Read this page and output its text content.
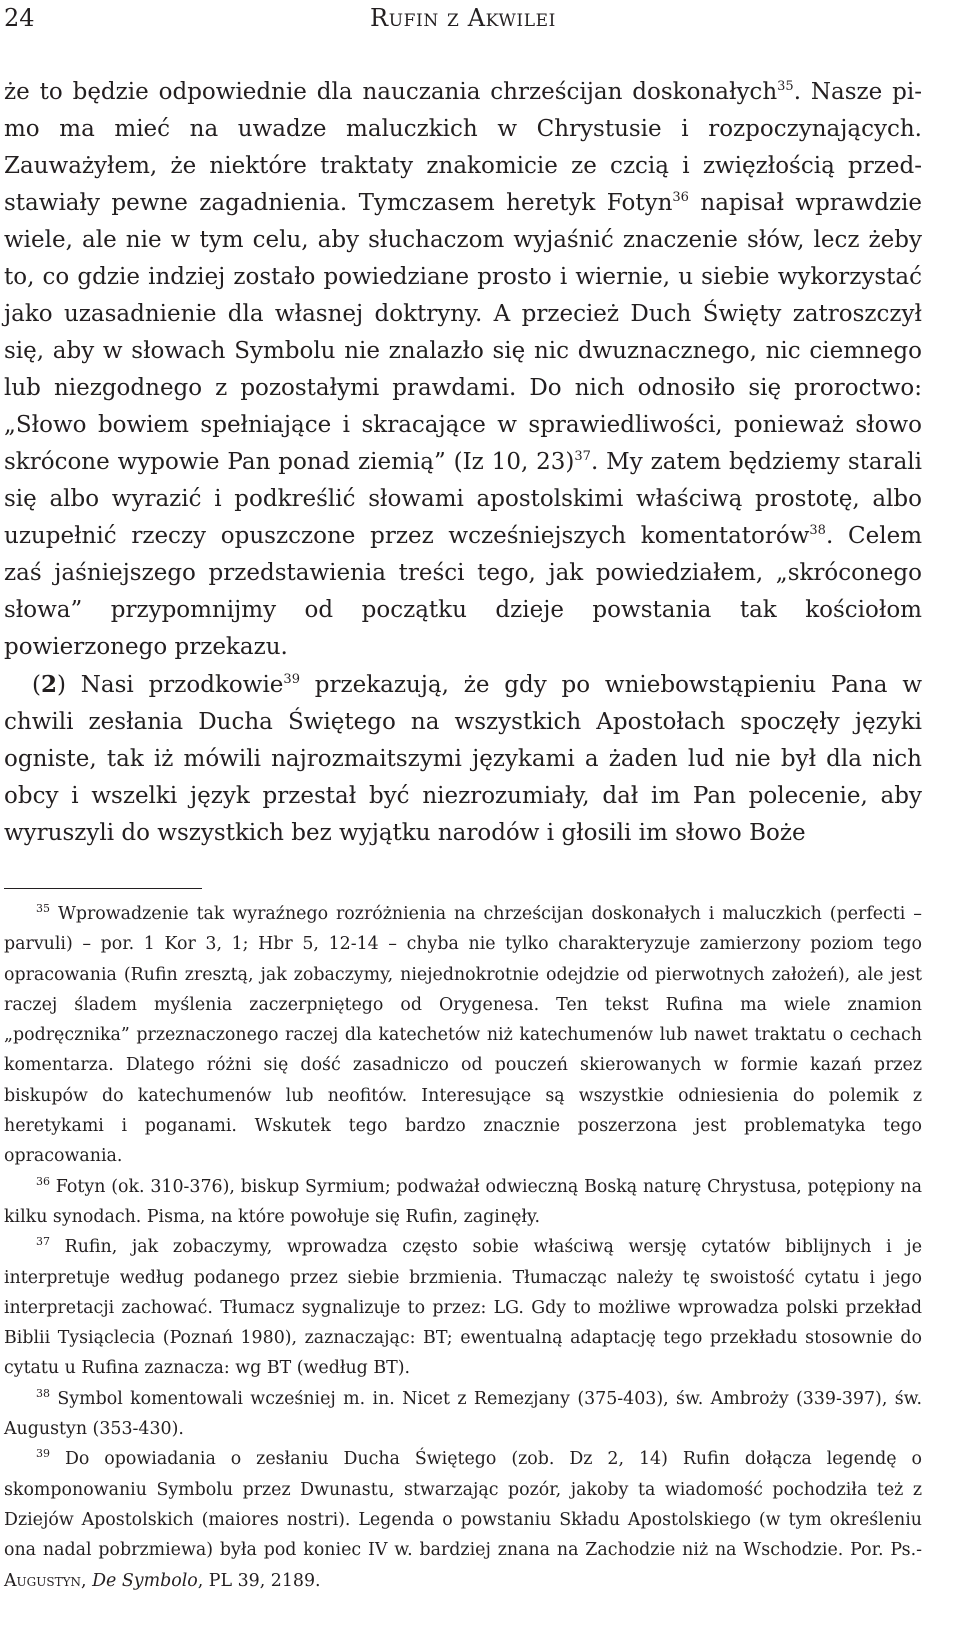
24	Rufin z Akwilei

że to będzie odpowiednie dla nauczania chrześcijan doskonałych$^{35}$. Nasze pimo ma mieć na uwadze maluczkich w Chrystusie i rozpoczynających. Zauważyłem, że niektóre traktaty znakomicie ze czcią i zwięzłością przedstawiały pewne zagadnienia. Tymczasem heretyk Fotyn$^{36}$ napisał wprawdzie wiele, ale nie w tym celu, aby słuchaczom wyjaśnić znaczenie słów, lecz żeby to, co gdzie indziej zostało powiedziane prosto i wiernie, u siebie wykorzystać jako uzasadnienie dla własnej doktryny. A przecież Duch Święty zatroszczył się, aby w słowach Symbolu nie znalazło się nic dwuznacznego, nic ciemnego lub niezgodnego z pozostałymi prawdami. Do nich odnosiło się proroctwo: „Słowo bowiem spełniające i skracające w sprawiedliwości, ponieważ słowo skrócone wypowie Pan ponad ziemią” (Iz 10, 23)$^{37}$. My zatem będziemy starali się albo wyrazić i podkreślić słowami apostolskimi właściwą prostotę, albo uzupełnić rzeczy opuszczone przez wcześniejszych komentatorów$^{38}$. Celem zaś jaśniejszego przedstawienia treści tego, jak powiedziałem, „skróconego słowa” przypomnijmy od początku dzieje powstania tak kościołom powierzonego przekazu.

(2) Nasi przodkowie$^{39}$ przekazują, że gdy po wniebowstąpieniu Pana w chwili zesłania Ducha Świętego na wszystkich Apostołach spoczęły języki ogniste, tak iż mówili najrozmaitszymi językami a żaden lud nie był dla nich obcy i wszelki język przestał być niezrozumiały, dał im Pan polecenie, aby wyruszyli do wszystkich bez wyjątku narodów i głosili im słowo Boże

$^{35}$ Wprowadzenie tak wyraźnego rozróżnienia na chrześcijan doskonałych i maluczkich (perfecti – parvuli) – por. 1 Kor 3, 1; Hbr 5, 12-14 – chyba nie tylko charakteryzuje zamierzony poziom tego opracowania (Rufin zresztą, jak zobaczymy, niejednokrotnie odejdzie od pierwotnych założeń), ale jest raczej śladem myślenia zaczerpniętego od Orygenesa. Ten tekst Rufina ma wiele znamion „podręcznika” przeznaczonego raczej dla katechetów niż katechumenów lub nawet traktatu o cechach komentarza. Dlatego różni się dość zasadniczo od pouczeń skierowanych w formie kazań przez biskupów do katechumenów lub neofitów. Interesujące są wszystkie odniesienia do polemik z heretykami i poganami. Wskutek tego bardzo znacznie poszerzona jest problematyka tego opracowania.

$^{36}$ Fotyn (ok. 310-376), biskup Syrmium; podważał odwieczną Boską naturę Chrystusa, potępiony na kilku synodach. Pisma, na które powołuje się Rufin, zaginęły.

$^{37}$ Rufin, jak zobaczymy, wprowadza często sobie właściwą wersję cytatów biblijnych i je interpretuje według podanego przez siebie brzmienia. Tłumacząc należy tę swoistość cytatu i jego interpretacji zachować. Tłumacz sygnalizuje to przez: LG. Gdy to możliwe wprowadza polski przekład Biblii Tysiąclecia (Poznań 1980), zaznaczając: BT; ewentualną adaptację tego przekładu stosownie do cytatu u Rufina zaznacza: wg BT (według BT).

$^{38}$ Symbol komentowali wcześniej m. in. Nicet z Remezjany (375-403), św. Ambroży (339-397), św. Augustyn (353-430).

$^{39}$ Do opowiadania o zesłaniu Ducha Świętego (zob. Dz 2, 14) Rufin dołącza legendę o skomponowaniu Symbolu przez Dwunastu, stwarzając pozór, jakoby ta wiadomość pochodziła też z Dziejów Apostolskich (maiores nostri). Legenda o powstaniu Składu Apostolskiego (w tym określeniu ona nadal pobrzmiewa) była pod koniec IV w. bardziej znana na Zachodzie niż na Wschodzie. Por. Ps.-Augustyn, De Symbolo, PL 39, 2189.
